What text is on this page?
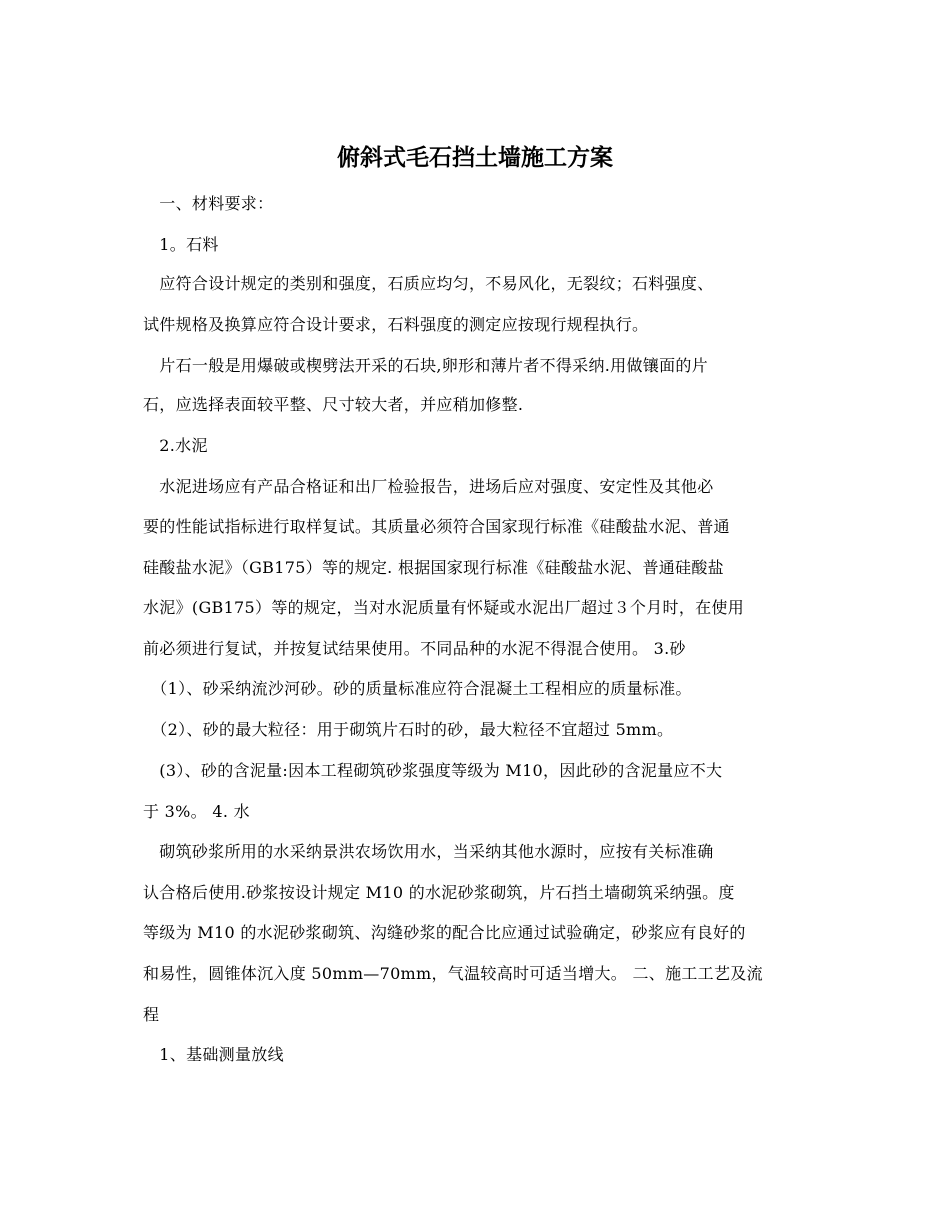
俯斜式毛石挡土墙施工方案

　一、材料要求：

　1。石料

　应符合设计规定的类别和强度，石质应均匀，不易风化，无裂纹；石料强度、

试件规格及换算应符合设计要求，石料强度的测定应按现行规程执行。

　片石一般是用爆破或楔劈法开采的石块,卵形和薄片者不得采纳.用做镶面的片

石，应选择表面较平整、尺寸较大者，并应稍加修整.

　2.水泥

　水泥进场应有产品合格证和出厂检验报告，进场后应对强度、安定性及其他必

要的性能试指标进行取样复试。其质量必须符合国家现行标准《硅酸盐水泥、普通

硅酸盐水泥》（GB175）等的规定. 根据国家现行标准《硅酸盐水泥、普通硅酸盐

水泥》(GB175）等的规定，当对水泥质量有怀疑或水泥出厂超过３个月时，在使用

前必须进行复试，并按复试结果使用。不同品种的水泥不得混合使用。 3.砂

　（1）、砂采纳流沙河砂。砂的质量标准应符合混凝土工程相应的质量标准。

　（2）、砂的最大粒径：用于砌筑片石时的砂，最大粒径不宜超过 5mm。

　(3）、砂的含泥量:因本工程砌筑砂浆强度等级为 M10，因此砂的含泥量应不大

于 3%。 4. 水

　砌筑砂浆所用的水采纳景洪农场饮用水，当采纳其他水源时，应按有关标准确

认合格后使用.砂浆按设计规定 M10 的水泥砂浆砌筑，片石挡土墙砌筑采纳强。度

等级为 M10 的水泥砂浆砌筑、沟缝砂浆的配合比应通过试验确定，砂浆应有良好的

和易性，圆锥体沉入度 50mm—70mm，气温较高时可适当增大。 二、施工工艺及流

程

　1、基础测量放线
